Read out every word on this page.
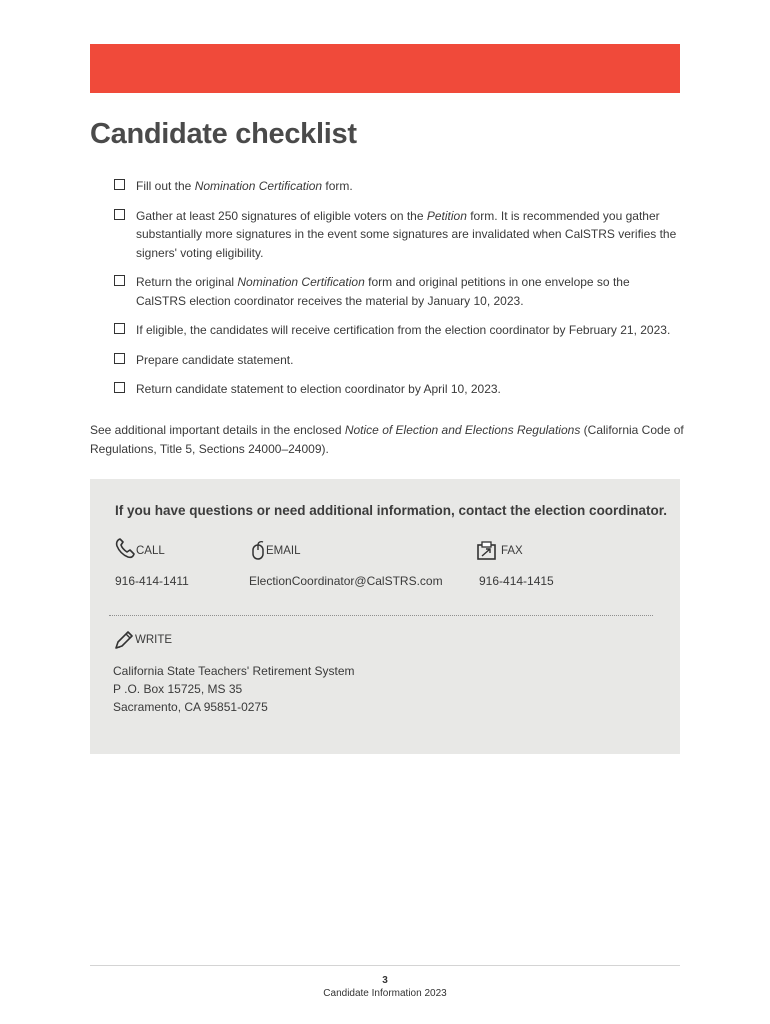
Candidate checklist
Fill out the Nomination Certification form.
Gather at least 250 signatures of eligible voters on the Petition form. It is recommended you gather substantially more signatures in the event some signatures are invalidated when CalSTRS verifies the signers' voting eligibility.
Return the original Nomination Certification form and original petitions in one envelope so the CalSTRS election coordinator receives the material by January 10, 2023.
If eligible, the candidates will receive certification from the election coordinator by February 21, 2023.
Prepare candidate statement.
Return candidate statement to election coordinator by April 10, 2023.

See additional important details in the enclosed Notice of Election and Elections Regulations (California Code of Regulations, Title 5, Sections 24000–24009).

If you have questions or need additional information, contact the election coordinator.
CALL
916-414-1411
EMAIL
ElectionCoordinator@CalSTRS.com
FAX
916-414-1415
WRITE
California State Teachers' Retirement System
P .O. Box 15725, MS 35
Sacramento, CA 95851-0275
3
Candidate Information 2023
